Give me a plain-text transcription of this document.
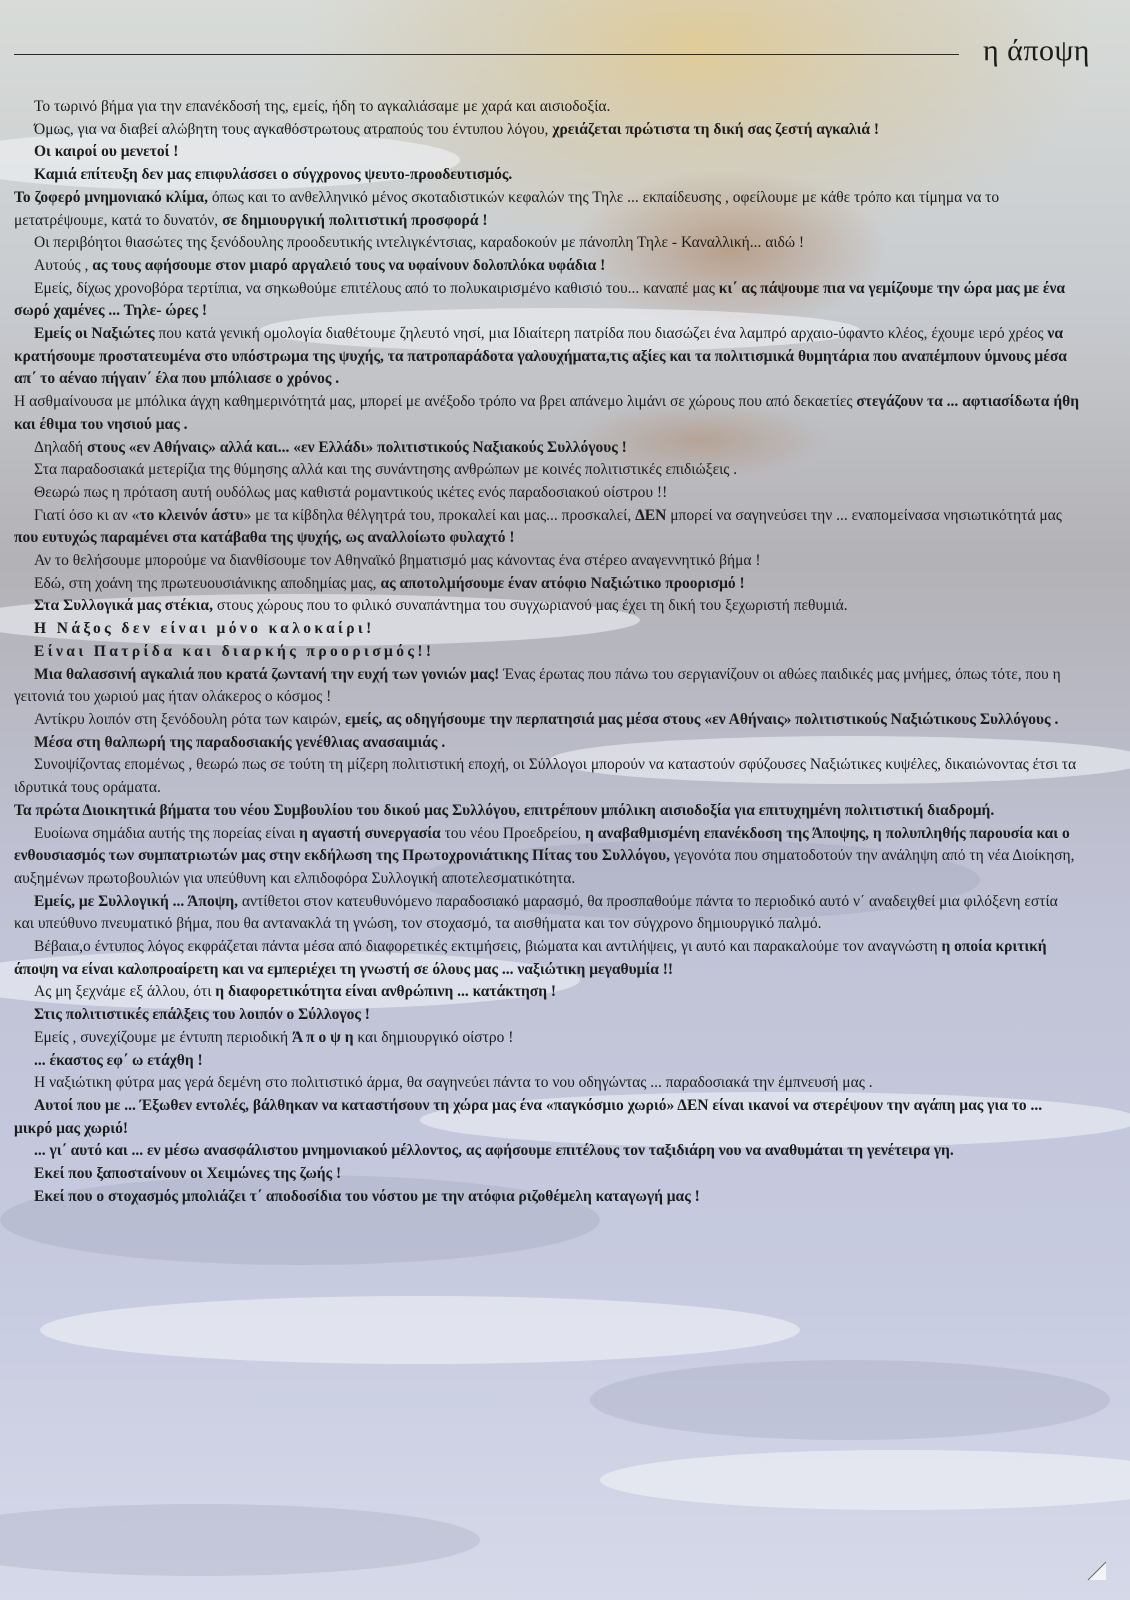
η άποψη

Το τωρινό βήμα για την επανέκδοσή της, εμείς, ήδη το αγκαλιάσαμε με χαρά και αισιοδοξία.

Όμως, για να διαβεί αλώβητη τους αγκαθόστρωτους ατραπούς του έντυπου λόγου, χρειάζεται πρώτιστα τη δική σας ζεστή αγκαλιά !

Οι καιροί ου μενετοί !

Καμιά επίτευξη δεν μας επιφυλάσσει ο σύγχρονος ψευτο-προοδευτισμός.

Το ζοφερό μνημονιακό κλίμα, όπως και το ανθελληνικό μένος σκοταδιστικών κεφαλών της Τηλε ... εκπαίδευσης , οφείλουμε με κάθε τρόπο και τίμημα να το μετατρέψουμε, κατά το δυνατόν, σε δημιουργική πολιτιστική προσφορά !

Οι περιβόητοι θιασώτες της ξενόδουλης προοδευτικής ιντελιγκέντσιας, καραδοκούν με πάνοπλη Τηλε - Καναλλική... αιδώ !

Αυτούς , ας τους αφήσουμε στον μιαρό αργαλειό τους να υφαίνουν δολοπλόκα υφάδια !

Εμείς, δίχως χρονοβόρα τερτίπια, να σηκωθούμε επιτέλους από το πολυκαιρισμένο καθισιό του... καναπέ μας κι΄ ας πάψουμε πια να γεμίζουμε την ώρα μας με ένα σωρό χαμένες ... Τηλε- ώρες !

Εμείς οι Ναξιώτες που κατά γενική ομολογία διαθέτουμε ζηλευτό νησί, μια Ιδιαίτερη πατρίδα που διασώζει ένα λαμπρό αρχαιο-ύφαντο κλέος, έχουμε ιερό χρέος να κρατήσουμε προστατευμένα στο υπόστρωμα της ψυχής, τα πατροπαράδοτα γαλουχήματα,τις αξίες και τα πολιτισμικά θυμητάρια που αναπέμπουν ύμνους μέσα απ΄ το αέναο πήγαιν΄ έλα που μπόλιασε ο χρόνος .

Η ασθμαίνουσα με μπόλικα άγχη καθημερινότητά μας, μπορεί με ανέξοδο τρόπο να βρει απάνεμο λιμάνι σε χώρους που από δεκαετίες στεγάζουν τα ... αφτιασίδωτα ήθη και έθιμα του νησιού μας .

Δηλαδή στους «εν Αθήναις» αλλά και... «εν Ελλάδι» πολιτιστικούς Ναξιακούς Συλλόγους !

Στα παραδοσιακά μετερίζια της θύμησης αλλά και της συνάντησης ανθρώπων με κοινές πολιτιστικές επιδιώξεις .

Θεωρώ πως η πρόταση αυτή ουδόλως μας καθιστά ρομαντικούς ικέτες ενός παραδοσιακού οίστρου !!

Γιατί όσο κι αν «το κλεινόν άστυ» με τα κίβδηλα θέλγητρά του, προκαλεί και μας... προσκαλεί, ΔΕΝ μπορεί να σαγηνεύσει την ... εναπομείνασα νησιωτικότητά μας που ευτυχώς παραμένει στα κατάβαθα της ψυχής, ως αναλλοίωτο φυλαχτό !

Αν το θελήσουμε μπορούμε να διανθίσουμε τον Αθηναϊκό βηματισμό μας κάνοντας ένα στέρεο αναγεννητικό βήμα !

Εδώ, στη χοάνη της πρωτευουσιάνικης αποδημίας μας, ας αποτολμήσουμε έναν ατόφιο Ναξιώτικο προορισμό !

Στα Συλλογικά μας στέκια, στους χώρους που το φιλικό συναπάντημα του συγχωριανού μας έχει τη δική του ξεχωριστή πεθυμιά.

Η Νάξος δεν είναι μόνο καλοκαίρι!

Είναι Πατρίδα και διαρκής προορισμός!!

Μια θαλασσινή αγκαλιά που κρατά ζωντανή την ευχή των γονιών μας! Ένας έρωτας που πάνω του σεργιανίζουν οι αθώες παιδικές μας μνήμες, όπως τότε, που η γειτονιά του χωριού μας ήταν ολάκερος ο κόσμος !

Αντίκρυ λοιπόν στη ξενόδουλη ρότα των καιρών, εμείς, ας οδηγήσουμε την περπατησιά μας μέσα στους «εν Αθήναις» πολιτιστικούς Ναξιώτικους Συλλόγους .

Μέσα στη θαλπωρή της παραδοσιακής γενέθλιας ανασαιμιάς .

Συνοψίζοντας επομένως , θεωρώ πως σε τούτη τη μίζερη πολιτιστική εποχή, οι Σύλλογοι μπορούν να καταστούν σφύζουσες Ναξιώτικες κυψέλες, δικαιώνοντας έτσι τα ιδρυτικά τους οράματα.

Τα πρώτα Διοικητικά βήματα του νέου Συμβουλίου του δικού μας Συλλόγου, επιτρέπουν μπόλικη αισιοδοξία για επιτυχημένη πολιτιστική διαδρομή.

Ευοίωνα σημάδια αυτής της πορείας είναι η αγαστή συνεργασία του νέου Προεδρείου, η αναβαθμισμένη επανέκδοση της Άποψης, η πολυπληθής παρουσία και ο ενθουσιασμός των συμπατριωτών μας στην εκδήλωση της Πρωτοχρονιάτικης Πίτας του Συλλόγου, γεγονότα που σηματοδοτούν την ανάληψη από τη νέα Διοίκηση, αυξημένων πρωτοβουλιών για υπεύθυνη και ελπιδοφόρα Συλλογική αποτελεσματικότητα.

Εμείς, με Συλλογική ... Άποψη, αντίθετοι στον κατευθυνόμενο παραδοσιακό μαρασμό, θα προσπαθούμε πάντα το περιοδικό αυτό ν΄ αναδειχθεί μια φιλόξενη εστία και υπεύθυνο πνευματικό βήμα, που θα αντανακλά τη γνώση, τον στοχασμό, τα αισθήματα και τον σύγχρονο δημιουργικό παλμό.

Βέβαια,ο έντυπος λόγος εκφράζεται πάντα μέσα από διαφορετικές εκτιμήσεις, βιώματα και αντιλήψεις, γι αυτό και παρακαλούμε τον αναγνώστη η οποία κριτική άποψη να είναι καλοπροαίρετη και να εμπεριέχει τη γνωστή σε όλους μας ... ναξιώτικη μεγαθυμία !!

Ας μη ξεχνάμε εξ άλλου, ότι η διαφορετικότητα είναι ανθρώπινη ... κατάκτηση !

Στις πολιτιστικές επάλξεις του λοιπόν ο Σύλλογος !

Εμείς , συνεχίζουμε με έντυπη περιοδική Ά π ο ψ η και δημιουργικό οίστρο !

... έκαστος εφ΄ ω ετάχθη !

Η ναξιώτικη φύτρα μας γερά δεμένη στο πολιτιστικό άρμα, θα σαγηνεύει πάντα το νου οδηγώντας ... παραδοσιακά την έμπνευσή μας .

Αυτοί που με ... Έξωθεν εντολές, βάλθηκαν να καταστήσουν τη χώρα μας ένα «παγκόσμιο χωριό» ΔΕΝ είναι ικανοί να στερέψουν την αγάπη μας για το ... μικρό μας χωριό!

... γι΄ αυτό και ... εν μέσω ανασφάλιστου μνημονιακού μέλλοντος, ας αφήσουμε επιτέλους τον ταξιδιάρη νου να αναθυμάται τη γενέτειρα γη.

Εκεί που ξαποσταίνουν οι Χειμώνες της ζωής !

Εκεί που ο στοχασμός μπολιάζει τ΄ αποδοσίδια του νόστου με την ατόφια ριζοθέμελη καταγωγή μας !
